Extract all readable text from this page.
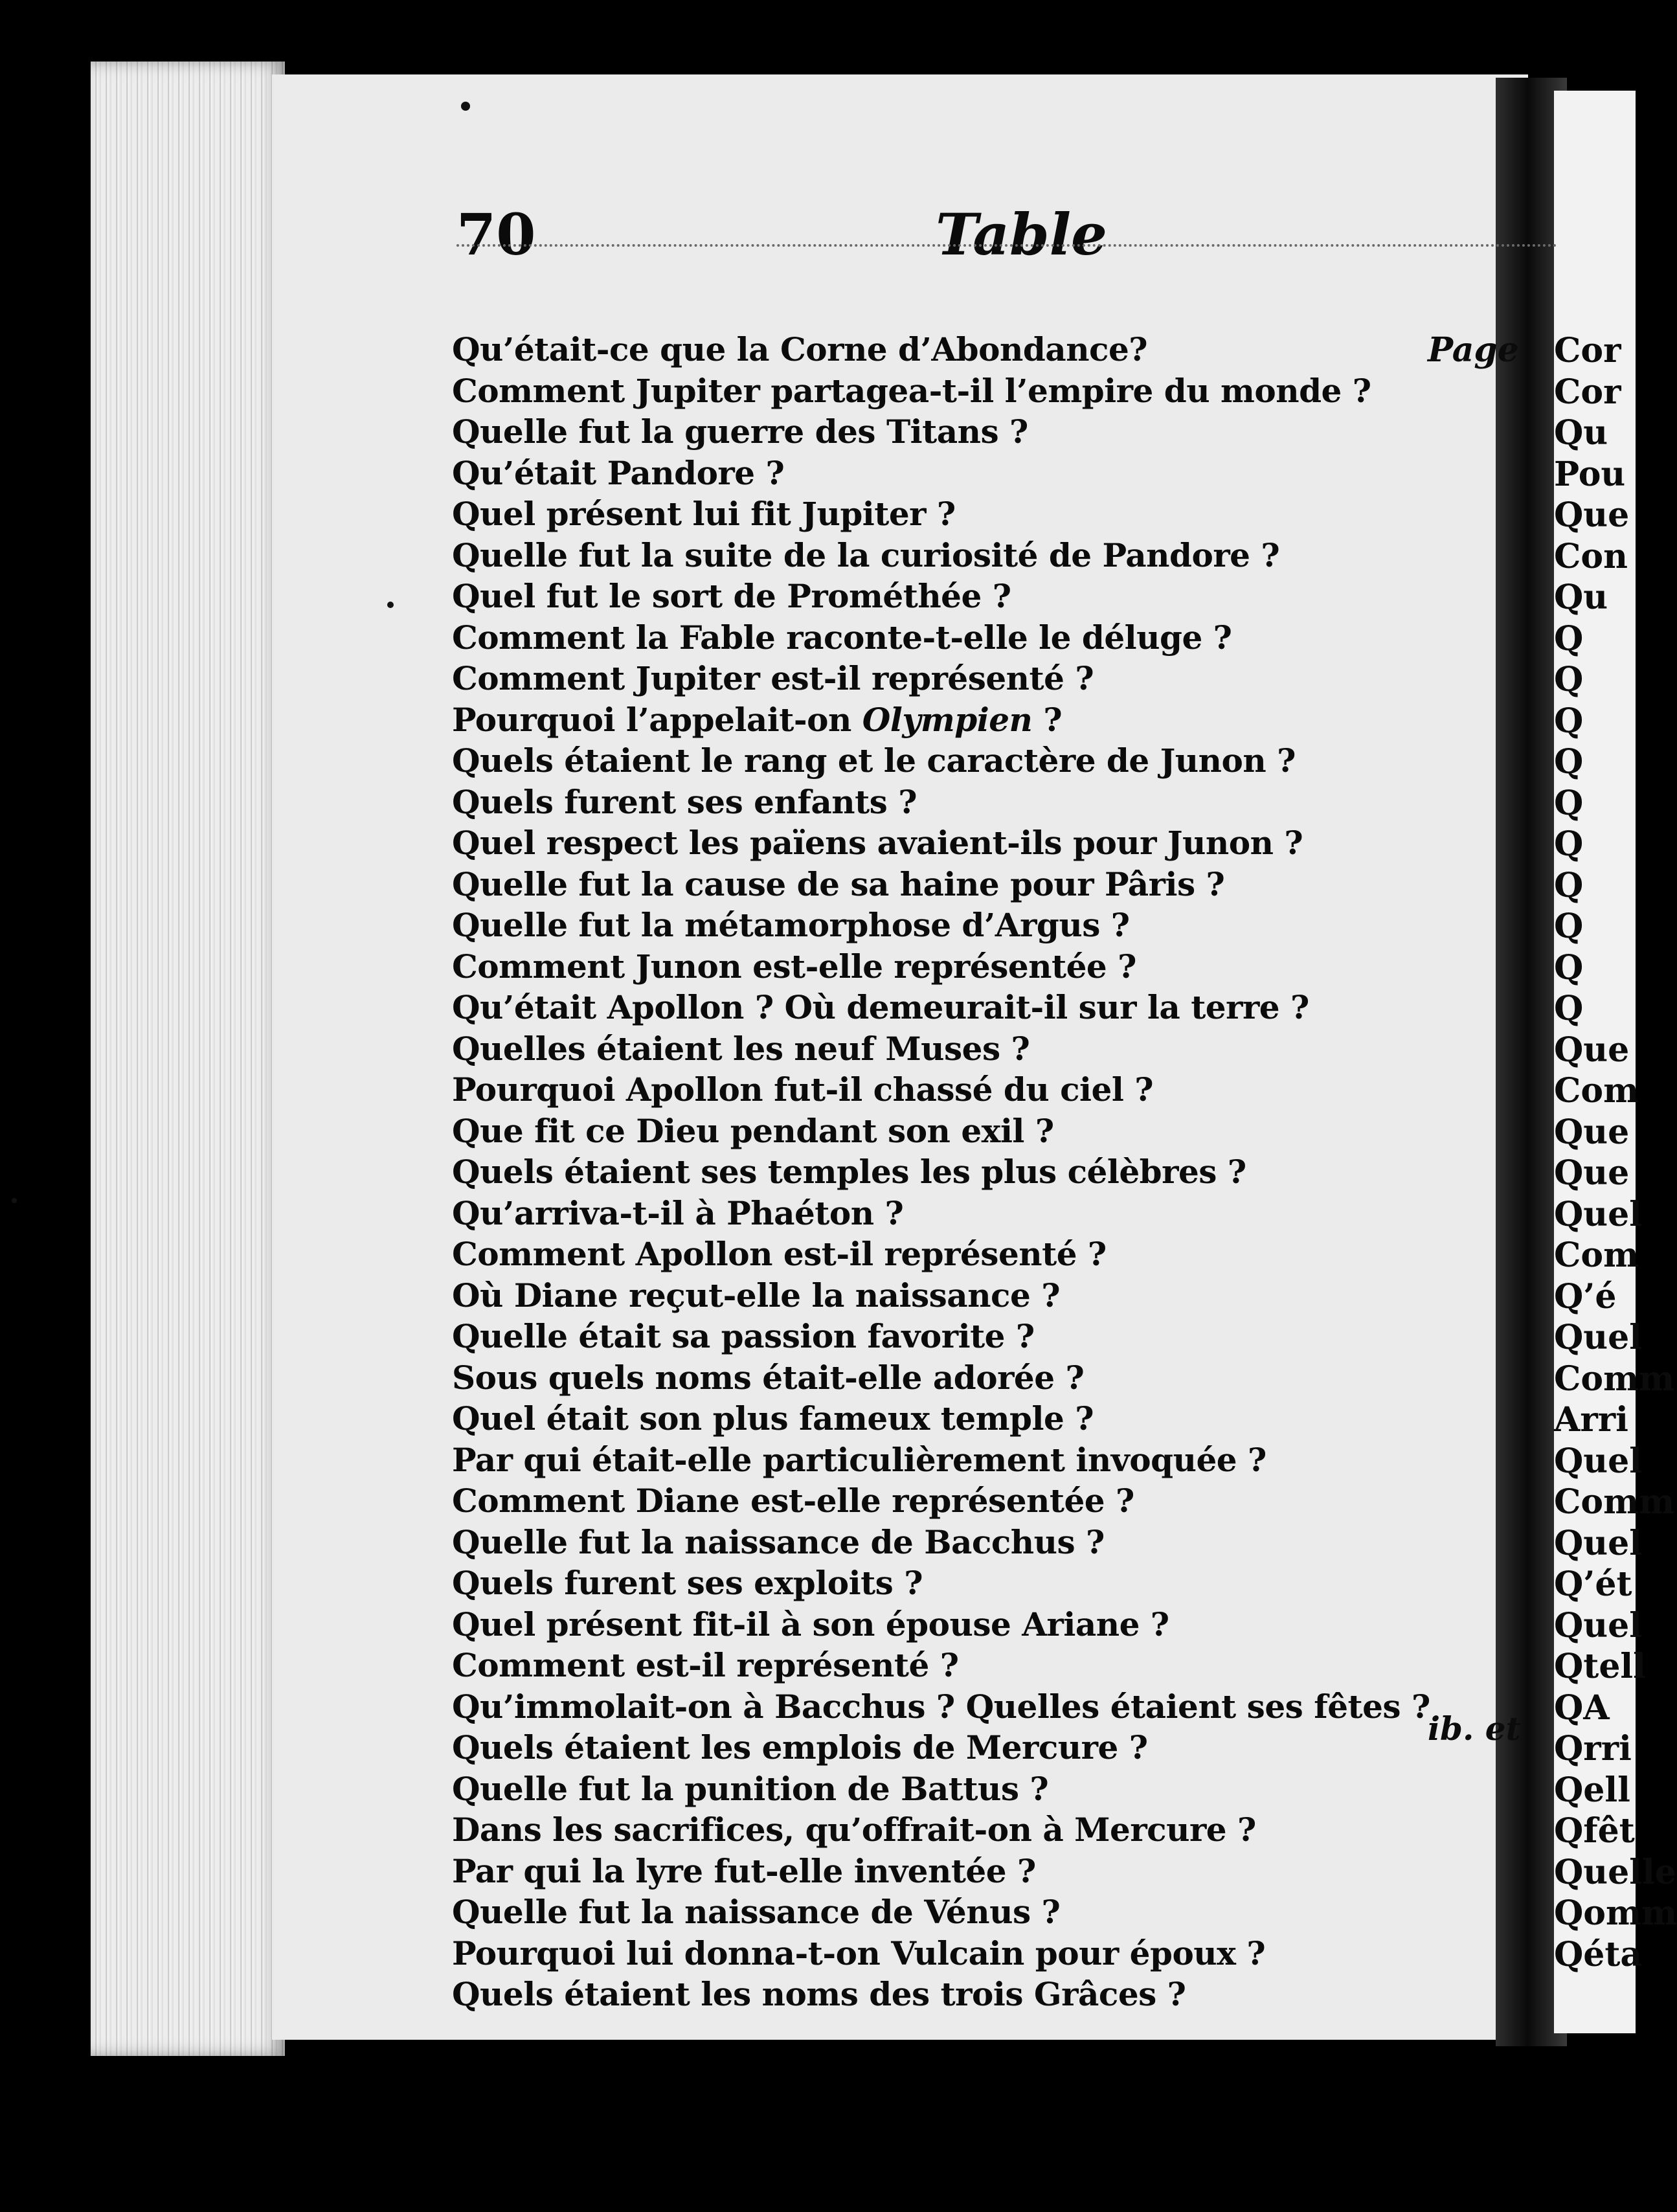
70	Table
Page
Qu’était-ce que la Corne d’Abondance?
Comment Jupiter partagea-t-il l’empire du monde ?
Quelle fut la guerre des Titans ?
Qu’était Pandore ?
Quel présent lui fit Jupiter ?
Quelle fut la suite de la curiosité de Pandore ?
Quel fut le sort de Prométhée ?
Comment la Fable raconte-t-elle le déluge ?
Comment Jupiter est-il représenté ?
Pourquoi l’appelait-on Olympien ?
Quels étaient le rang et le caractère de Junon ?
Quels furent ses enfants ?
Quel respect les païens avaient-ils pour Junon ?
Quelle fut la cause de sa haine pour Pâris ?
Quelle fut la métamorphose d’Argus ?
Comment Junon est-elle représentée ?
Qu’était Apollon ? Où demeurait-il sur la terre ?
Quelles étaient les neuf Muses ?
Pourquoi Apollon fut-il chassé du ciel ?
Que fit ce Dieu pendant son exil ?
Quels étaient ses temples les plus célèbres ?
Qu’arriva-t-il à Phaéton ?
Comment Apollon est-il représenté ?
Où Diane reçut-elle la naissance ?
Quelle était sa passion favorite ?
Sous quels noms était-elle adorée ?
Quel était son plus fameux temple ?
Par qui était-elle particulièrement invoquée ?
Comment Diane est-elle représentée ?
Quelle fut la naissance de Bacchus ?
Quels furent ses exploits ?
Quel présent fit-il à son épouse Ariane ?
Comment est-il représenté ?
Qu’immolait-on à Bacchus ? Quelles étaient ses fêtes ?
Quels étaient les emplois de Mercure ?
Quelle fut la punition de Battus ?
Dans les sacrifices, qu’offrait-on à Mercure ?
Par qui la lyre fut-elle inventée ?
Quelle fut la naissance de Vénus ?
Pourquoi lui donna-t-on Vulcain pour époux ?
Quels étaient les noms des trois Grâces ?
ib. et
Cor
Cor
Qu
Pou
Que
Con
Qu
Q
Q
Q
Q
Q
Q
Q
Q
Q
Q
Que
Com
Que
Que
Quel
Com
Q’é
Quel
Comm
Arri
Quel
Comm
Quel
Q’ét
Quel
Qtell
QA
Qrri
Qell
Qfêt
Quelle
Qomm
Qéta
